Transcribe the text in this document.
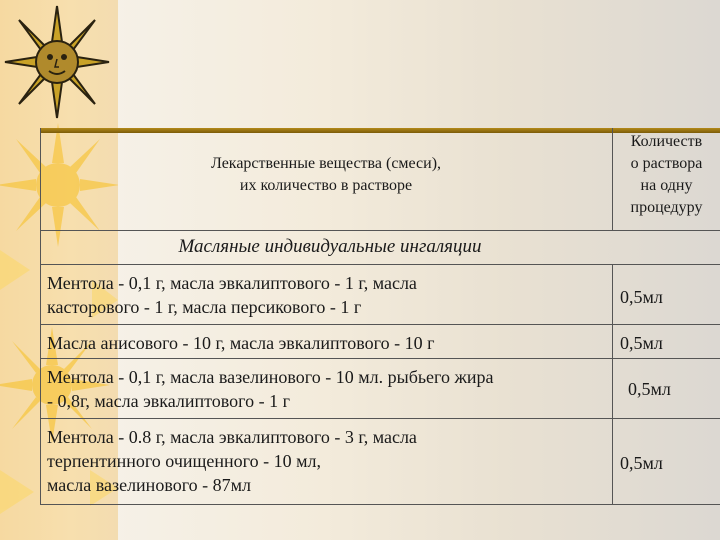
Лекарственные вещества (смеси),
их количество в растворе
Количеств
о раствора
на одну
процедуру
Масляные индивидуальные ингаляции
Ментола - 0,1 г, масла эвкалиптового - 1 г, масла
касторового - 1 г, масла персикового - 1 г	0,5мл
Масла анисового - 10 г, масла эвкалиптового - 10 г	0,5мл
Ментола - 0,1 г, масла вазелинового - 10 мл. рыбьего жира
- 0,8г, масла эвкалиптового - 1 г
0,5мл
Ментола - 0.8 г, масла эвкалиптового - 3 г, масла
терпентинного очищенного - 10 мл,
масла вазелинового - 87мл
0,5мл
